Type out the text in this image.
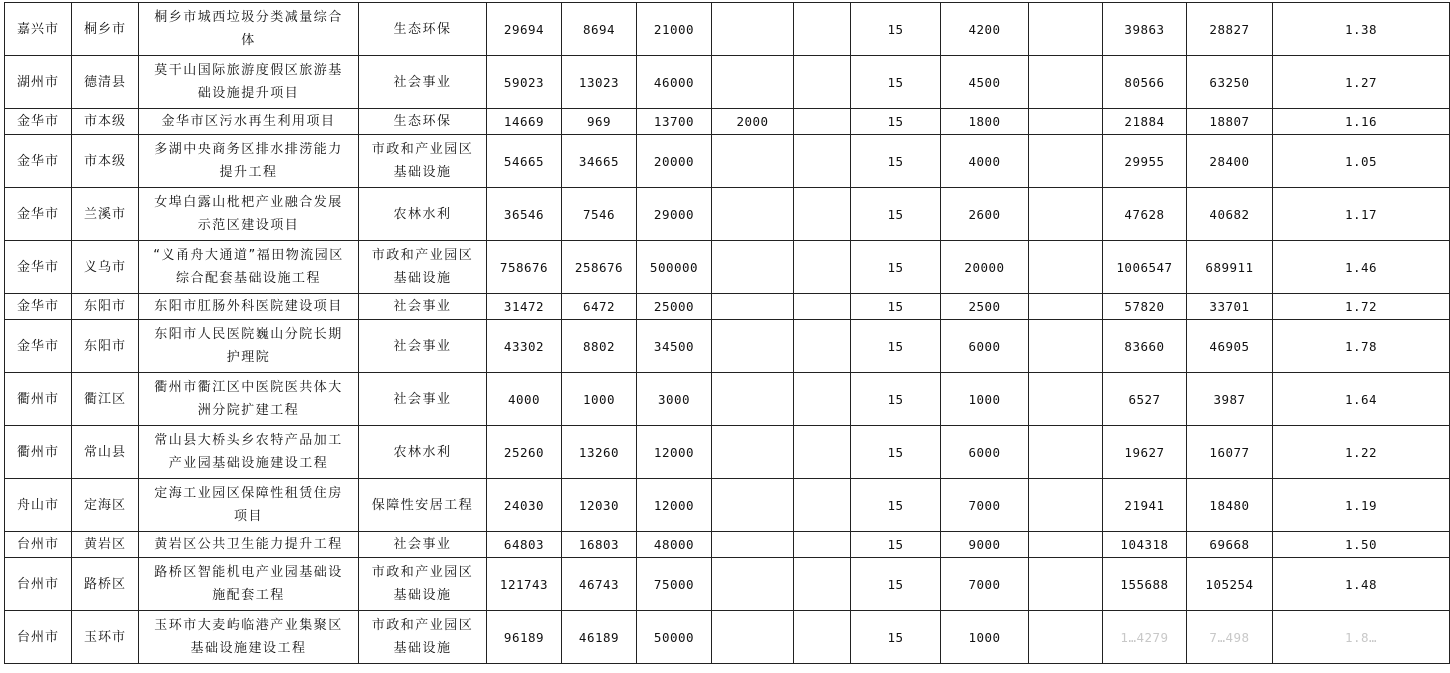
嘉兴市	桐乡市	桐乡市城西垃圾分类减量综合体	生态环保	29694	8694	21000			15	4200		39863	28827	1.38
湖州市	德清县	莫干山国际旅游度假区旅游基础设施提升项目	社会事业	59023	13023	46000			15	4500		80566	63250	1.27
金华市	市本级	金华市区污水再生利用项目	生态环保	14669	969	13700	2000		15	1800		21884	18807	1.16
金华市	市本级	多湖中央商务区排水排涝能力提升工程	市政和产业园区基础设施	54665	34665	20000			15	4000		29955	28400	1.05
金华市	兰溪市	女埠白露山枇杷产业融合发展示范区建设项目	农林水利	36546	7546	29000			15	2600		47628	40682	1.17
金华市	义乌市	“义甬舟大通道”福田物流园区综合配套基础设施工程	市政和产业园区基础设施	758676	258676	500000			15	20000		1006547	689911	1.46
金华市	东阳市	东阳市肛肠外科医院建设项目	社会事业	31472	6472	25000			15	2500		57820	33701	1.72
金华市	东阳市	东阳市人民医院巍山分院长期护理院	社会事业	43302	8802	34500			15	6000		83660	46905	1.78
衢州市	衢江区	衢州市衢江区中医院医共体大洲分院扩建工程	社会事业	4000	1000	3000			15	1000		6527	3987	1.64
衢州市	常山县	常山县大桥头乡农特产品加工产业园基础设施建设工程	农林水利	25260	13260	12000			15	6000		19627	16077	1.22
舟山市	定海区	定海工业园区保障性租赁住房项目	保障性安居工程	24030	12030	12000			15	7000		21941	18480	1.19
台州市	黄岩区	黄岩区公共卫生能力提升工程	社会事业	64803	16803	48000			15	9000		104318	69668	1.50
台州市	路桥区	路桥区智能机电产业园基础设施配套工程	市政和产业园区基础设施	121743	46743	75000			15	7000		155688	105254	1.48
台州市	玉环市	玉环市大麦屿临港产业集聚区基础设施建设工程	市政和产业园区基础设施	96189	46189	50000			15	1000		1…4279	7…498	1.8…
